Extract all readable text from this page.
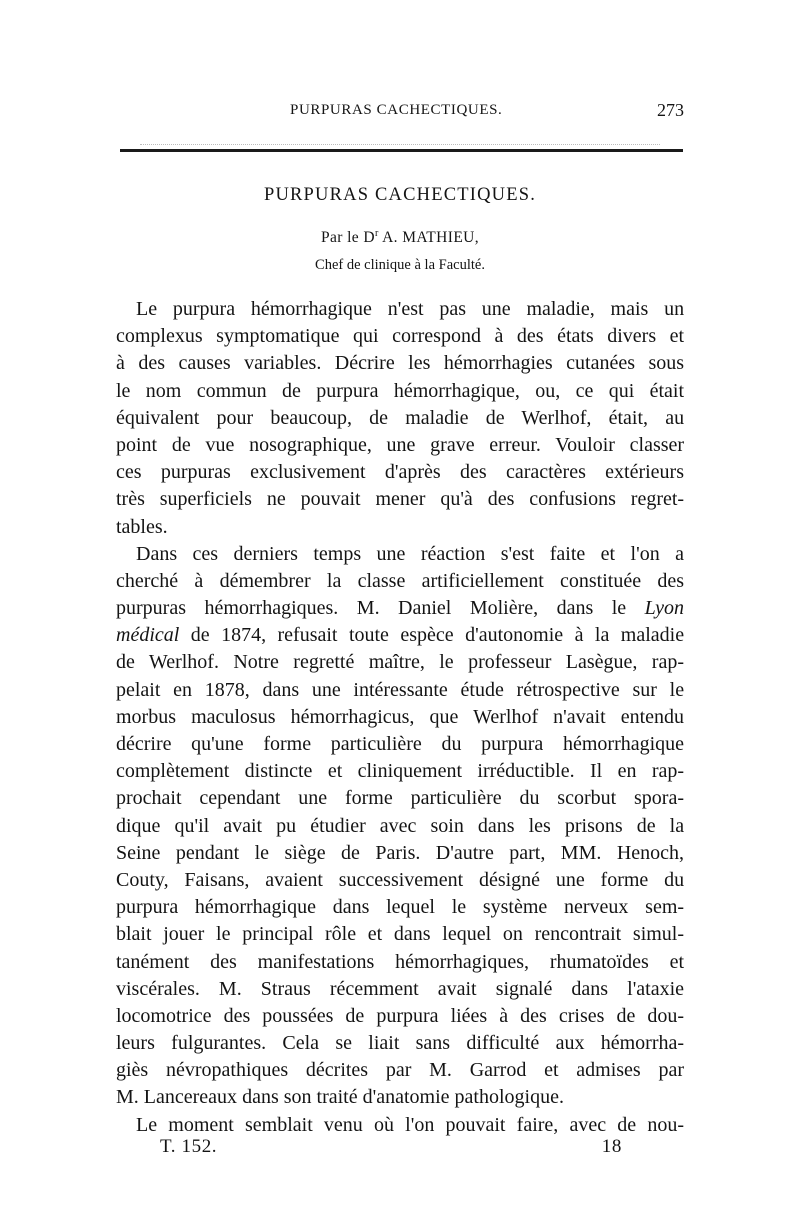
PURPURAS CACHECTIQUES.	273
PURPURAS CACHECTIQUES.
Par le $D^r$ A. MATHIEU,
Chef de clinique à la Faculté.
Le purpura hémorrhagique n'est pas une maladie, mais un
complexus symptomatique qui correspond à des états divers et
à des causes variables. Décrire les hémorrhagies cutanées sous
le nom commun de purpura hémorrhagique, ou, ce qui était
équivalent pour beaucoup, de maladie de Werlhof, était, au
point de vue nosographique, une grave erreur. Vouloir classer
ces purpuras exclusivement d'après des caractères extérieurs
très superficiels ne pouvait mener qu'à des confusions regret-
tables.
Dans ces derniers temps une réaction s'est faite et l'on a
cherché à démembrer la classe artificiellement constituée des
purpuras hémorrhagiques. M. Daniel Molière, dans le Lyon
médical de 1874, refusait toute espèce d'autonomie à la maladie
de Werlhof. Notre regretté maître, le professeur Lasègue, rap-
pelait en 1878, dans une intéressante étude rétrospective sur le
morbus maculosus hémorrhagicus, que Werlhof n'avait entendu
décrire qu'une forme particulière du purpura hémorrhagique
complètement distincte et cliniquement irréductible. Il en rap-
prochait cependant une forme particulière du scorbut spora-
dique qu'il avait pu étudier avec soin dans les prisons de la
Seine pendant le siège de Paris. D'autre part, MM. Henoch,
Couty, Faisans, avaient successivement désigné une forme du
purpura hémorrhagique dans lequel le système nerveux sem-
blait jouer le principal rôle et dans lequel on rencontrait simul-
tanément des manifestations hémorrhagiques, rhumatoïdes et
viscérales. M. Straus récemment avait signalé dans l'ataxie
locomotrice des poussées de purpura liées à des crises de dou-
leurs fulgurantes. Cela se liait sans difficulté aux hémorrha-
giès névropathiques décrites par M. Garrod et admises par
M. Lancereaux dans son traité d'anatomie pathologique.
Le moment semblait venu où l'on pouvait faire, avec de nou-
T. 152.	18
